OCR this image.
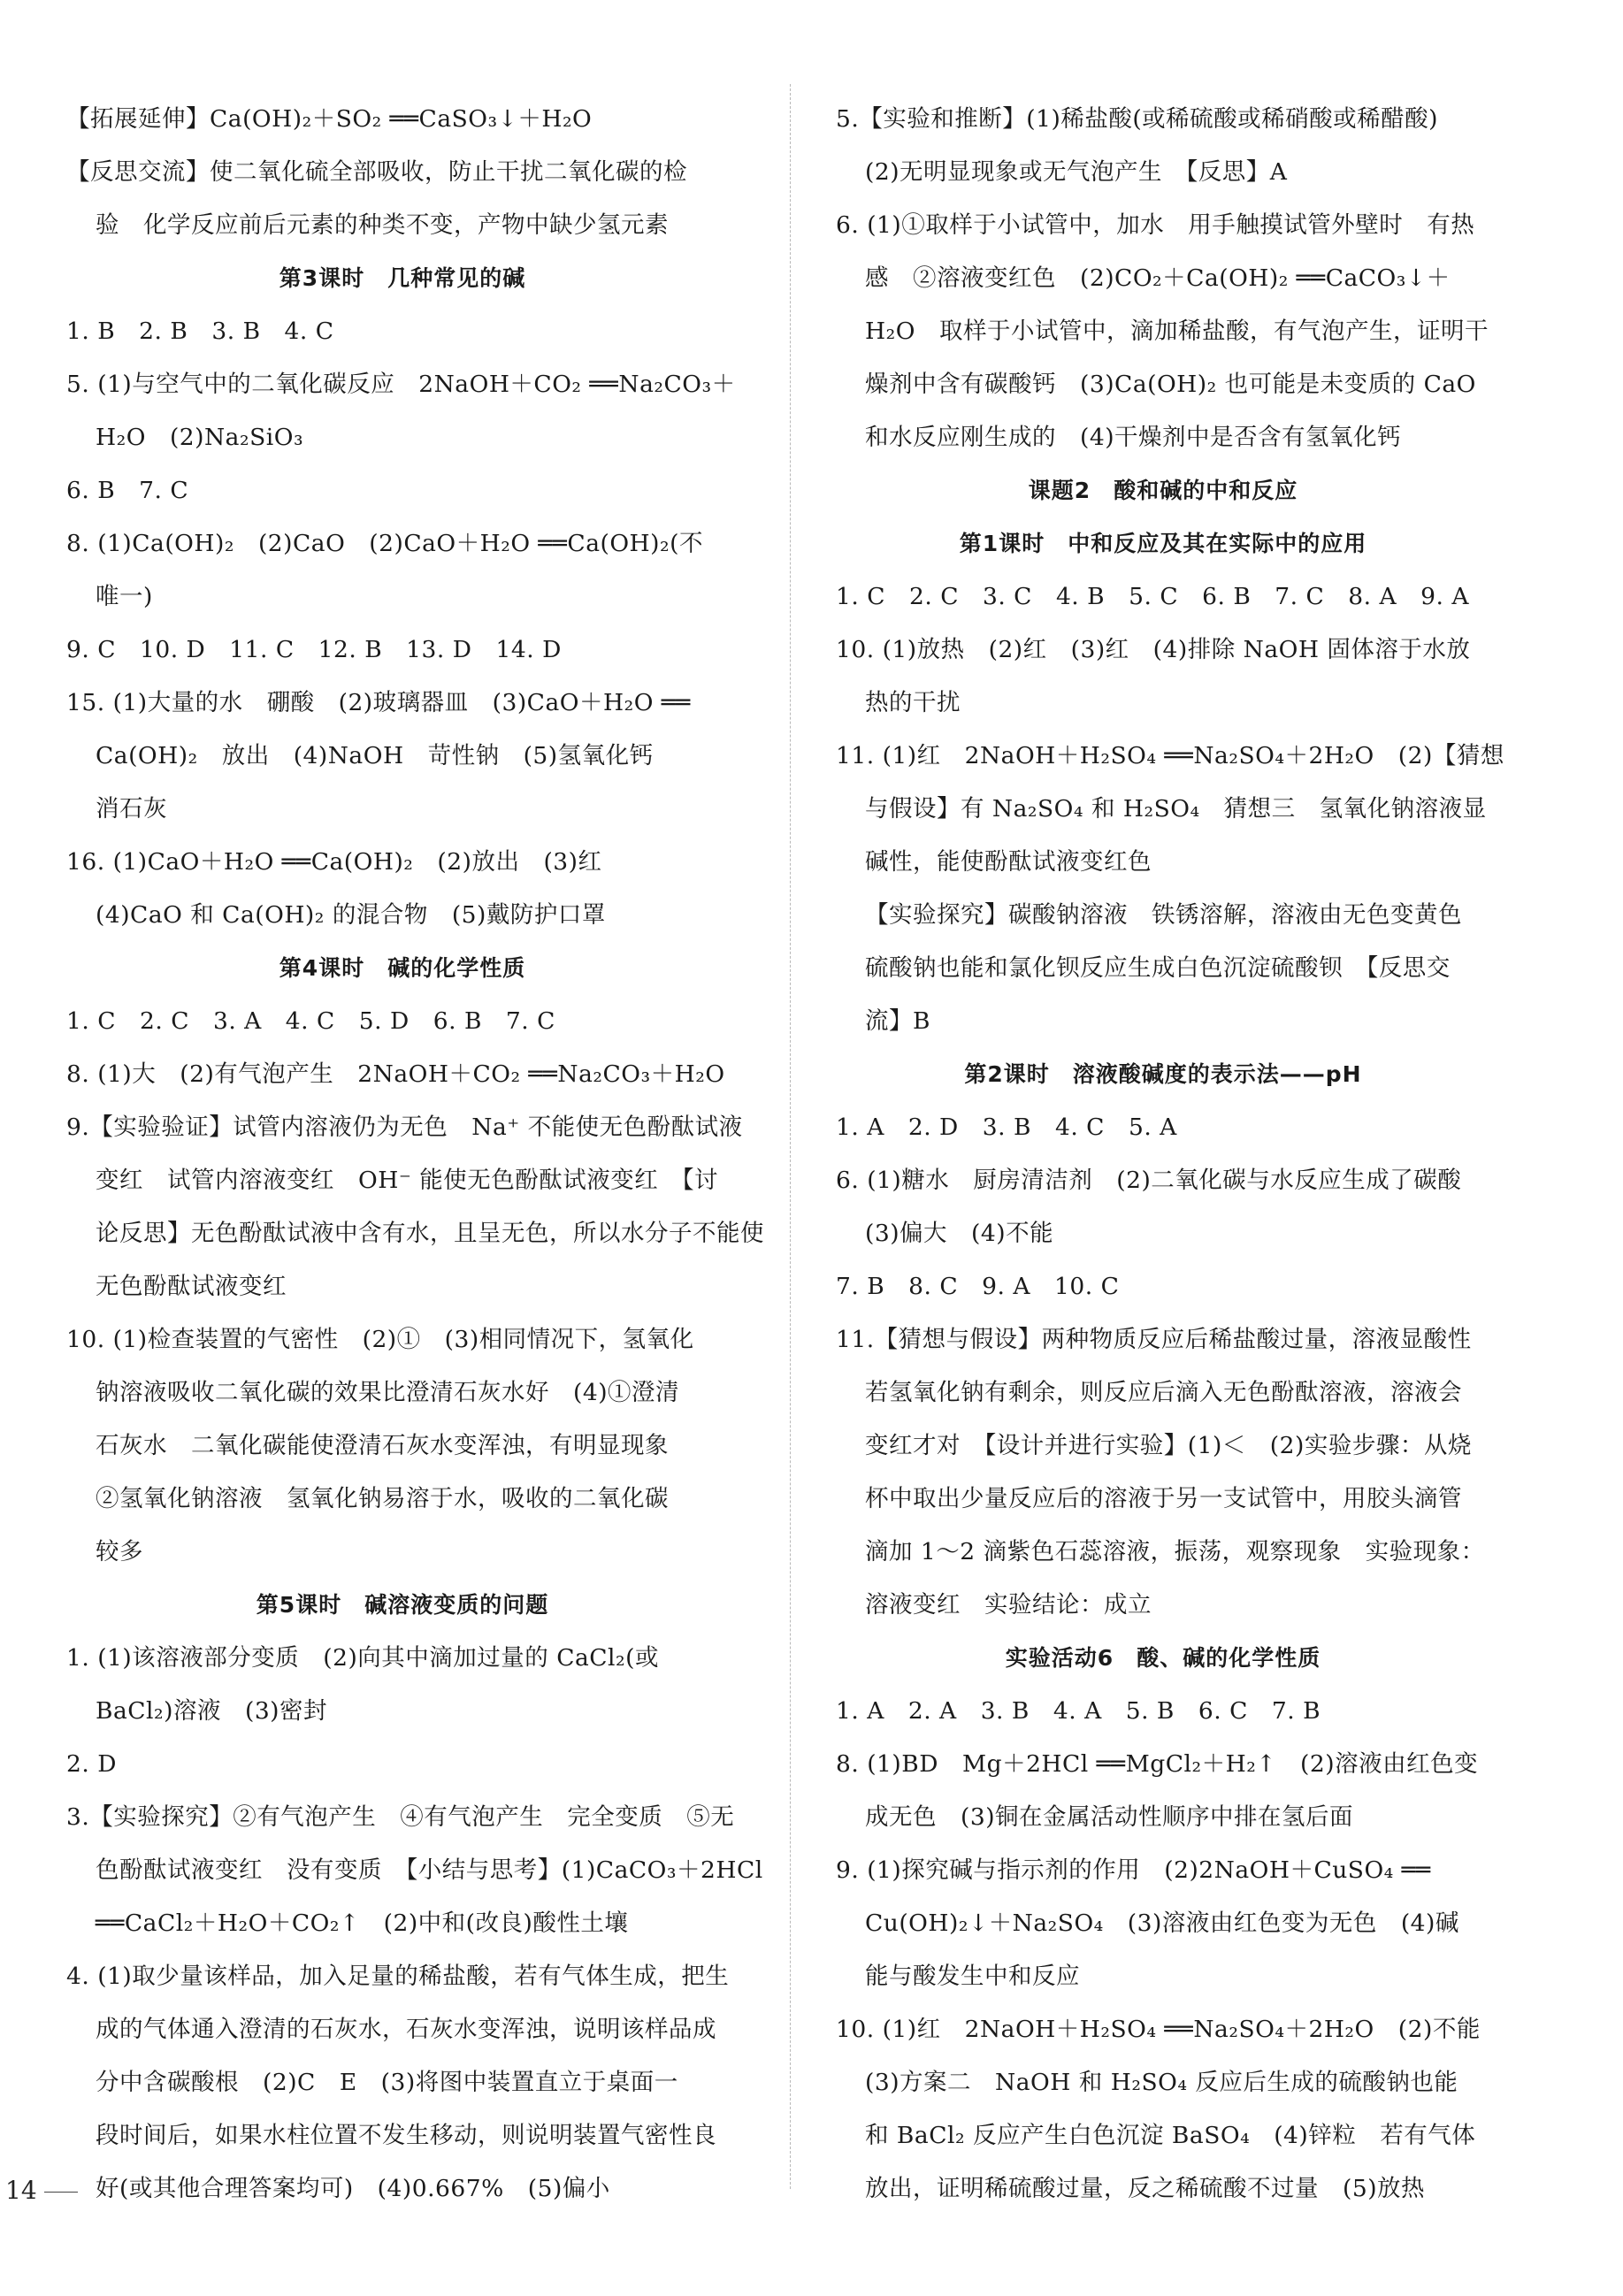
【拓展延伸】Ca(OH)₂＋SO₂ ══CaSO₃↓＋H₂O
【反思交流】使二氧化硫全部吸收，防止干扰二氧化碳的检
验　化学反应前后元素的种类不变，产物中缺少氢元素
第3课时　几种常见的碱
1. B　2. B　3. B　4. C
5. (1)与空气中的二氧化碳反应　2NaOH＋CO₂ ══Na₂CO₃＋
H₂O　(2)Na₂SiO₃
6. B　7. C
8. (1)Ca(OH)₂　(2)CaO　(2)CaO＋H₂O ══Ca(OH)₂(不
唯一)
9. C　10. D　11. C　12. B　13. D　14. D
15. (1)大量的水　硼酸　(2)玻璃器皿　(3)CaO＋H₂O ══
Ca(OH)₂　放出　(4)NaOH　苛性钠　(5)氢氧化钙
消石灰
16. (1)CaO＋H₂O ══Ca(OH)₂　(2)放出　(3)红
(4)CaO 和 Ca(OH)₂ 的混合物　(5)戴防护口罩
第4课时　碱的化学性质
1. C　2. C　3. A　4. C　5. D　6. B　7. C
8. (1)大　(2)有气泡产生　2NaOH＋CO₂ ══Na₂CO₃＋H₂O
9.【实验验证】试管内溶液仍为无色　Na⁺ 不能使无色酚酞试液
变红　试管内溶液变红　OH⁻ 能使无色酚酞试液变红　【讨
论反思】无色酚酞试液中含有水，且呈无色，所以水分子不能使
无色酚酞试液变红
10. (1)检查装置的气密性　(2)①　(3)相同情况下，氢氧化
钠溶液吸收二氧化碳的效果比澄清石灰水好　(4)①澄清
石灰水　二氧化碳能使澄清石灰水变浑浊，有明显现象
②氢氧化钠溶液　氢氧化钠易溶于水，吸收的二氧化碳
较多
第5课时　碱溶液变质的问题
1. (1)该溶液部分变质　(2)向其中滴加过量的 CaCl₂(或
BaCl₂)溶液　(3)密封
2. D
3.【实验探究】②有气泡产生　④有气泡产生　完全变质　⑤无
色酚酞试液变红　没有变质　【小结与思考】(1)CaCO₃＋2HCl
══CaCl₂＋H₂O＋CO₂↑　(2)中和(改良)酸性土壤
4. (1)取少量该样品，加入足量的稀盐酸，若有气体生成，把生
成的气体通入澄清的石灰水，石灰水变浑浊，说明该样品成
分中含碳酸根　(2)C　E　(3)将图中装置直立于桌面一
段时间后，如果水柱位置不发生移动，则说明装置气密性良
好(或其他合理答案均可)　(4)0.667%　(5)偏小
5.【实验和推断】(1)稀盐酸(或稀硫酸或稀硝酸或稀醋酸)
(2)无明显现象或无气泡产生　【反思】A
6. (1)①取样于小试管中，加水　用手触摸试管外壁时　有热
感　②溶液变红色　(2)CO₂＋Ca(OH)₂ ══CaCO₃↓＋
H₂O　取样于小试管中，滴加稀盐酸，有气泡产生，证明干
燥剂中含有碳酸钙　(3)Ca(OH)₂ 也可能是未变质的 CaO
和水反应刚生成的　(4)干燥剂中是否含有氢氧化钙
课题2　酸和碱的中和反应
第1课时　中和反应及其在实际中的应用
1. C　2. C　3. C　4. B　5. C　6. B　7. C　8. A　9. A
10. (1)放热　(2)红　(3)红　(4)排除 NaOH 固体溶于水放
热的干扰
11. (1)红　2NaOH＋H₂SO₄ ══Na₂SO₄＋2H₂O　(2)【猜想
与假设】有 Na₂SO₄ 和 H₂SO₄　猜想三　氢氧化钠溶液显
碱性，能使酚酞试液变红色
【实验探究】碳酸钠溶液　铁锈溶解，溶液由无色变黄色
硫酸钠也能和氯化钡反应生成白色沉淀硫酸钡　【反思交
流】B
第2课时　溶液酸碱度的表示法——pH
1. A　2. D　3. B　4. C　5. A
6. (1)糖水　厨房清洁剂　(2)二氧化碳与水反应生成了碳酸
(3)偏大　(4)不能
7. B　8. C　9. A　10. C
11.【猜想与假设】两种物质反应后稀盐酸过量，溶液显酸性
若氢氧化钠有剩余，则反应后滴入无色酚酞溶液，溶液会
变红才对　【设计并进行实验】(1)＜　(2)实验步骤：从烧
杯中取出少量反应后的溶液于另一支试管中，用胶头滴管
滴加 1～2 滴紫色石蕊溶液，振荡，观察现象　实验现象：
溶液变红　实验结论：成立
实验活动6　酸、碱的化学性质
1. A　2. A　3. B　4. A　5. B　6. C　7. B
8. (1)BD　Mg＋2HCl ══MgCl₂＋H₂↑　(2)溶液由红色变
成无色　(3)铜在金属活动性顺序中排在氢后面
9. (1)探究碱与指示剂的作用　(2)2NaOH＋CuSO₄ ══
Cu(OH)₂↓＋Na₂SO₄　(3)溶液由红色变为无色　(4)碱
能与酸发生中和反应
10. (1)红　2NaOH＋H₂SO₄ ══Na₂SO₄＋2H₂O　(2)不能
(3)方案二　NaOH 和 H₂SO₄ 反应后生成的硫酸钠也能
和 BaCl₂ 反应产生白色沉淀 BaSO₄　(4)锌粒　若有气体
放出，证明稀硫酸过量，反之稀硫酸不过量　(5)放热
14
